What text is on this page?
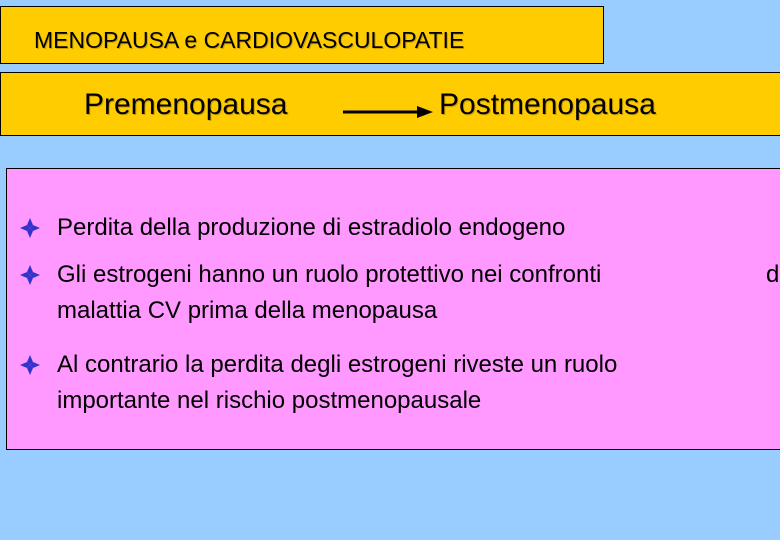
MENOPAUSA e CARDIOVASCULOPATIE
Premenopausa	Postmenopausa
Perdita della produzione di estradiolo endogeno
Gli estrogeni hanno un ruolo protettivo nei confronti	d
malattia CV prima della menopausa
Al contrario la perdita degli estrogeni riveste un ruolo
importante nel rischio postmenopausale
